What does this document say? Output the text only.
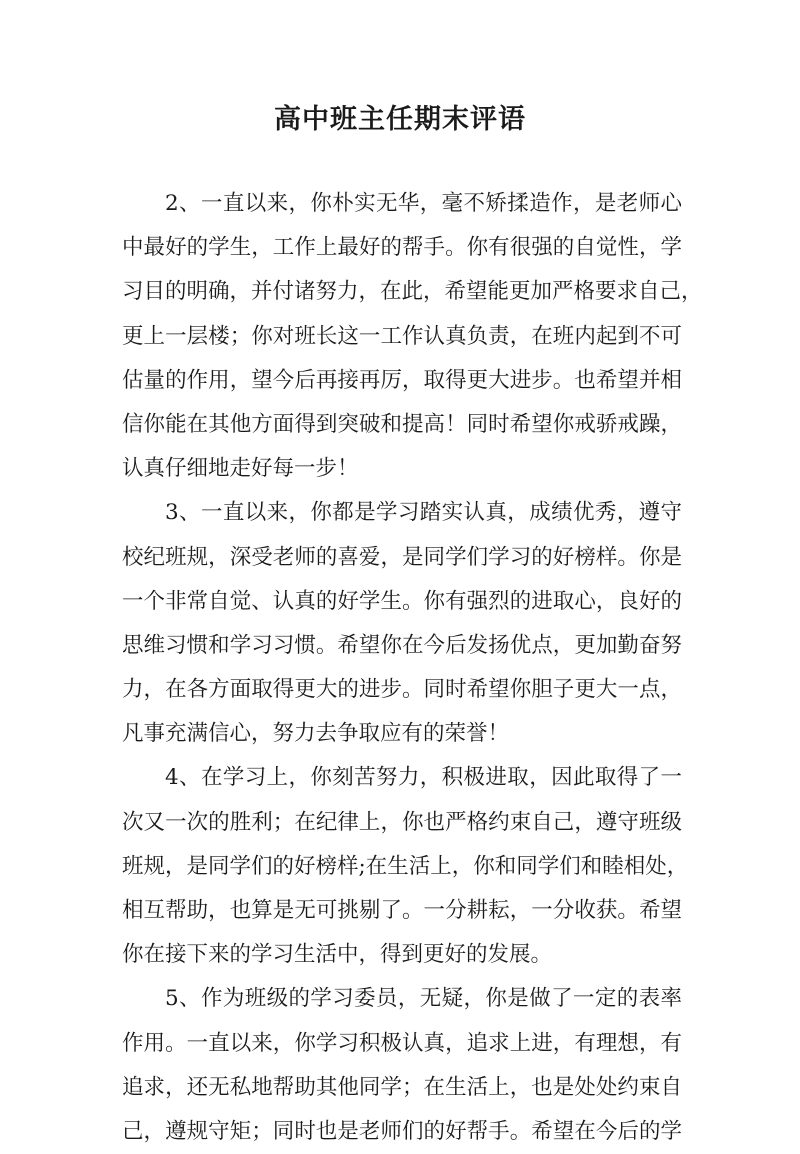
高中班主任期末评语
2、一直以来，你朴实无华，毫不矫揉造作，是老师心
中最好的学生，工作上最好的帮手。你有很强的自觉性，学
习目的明确，并付诸努力，在此，希望能更加严格要求自己，
更上一层楼；你对班长这一工作认真负责，在班内起到不可
估量的作用，望今后再接再厉，取得更大进步。也希望并相
信你能在其他方面得到突破和提高！同时希望你戒骄戒躁，
认真仔细地走好每一步！
3、一直以来，你都是学习踏实认真，成绩优秀，遵守
校纪班规，深受老师的喜爱，是同学们学习的好榜样。你是
一个非常自觉、认真的好学生。你有强烈的进取心，良好的
思维习惯和学习习惯。希望你在今后发扬优点，更加勤奋努
力，在各方面取得更大的进步。同时希望你胆子更大一点，
凡事充满信心，努力去争取应有的荣誉！
4、在学习上，你刻苦努力，积极进取，因此取得了一
次又一次的胜利；在纪律上，你也严格约束自己，遵守班级
班规，是同学们的好榜样;在生活上，你和同学们和睦相处，
相互帮助，也算是无可挑剔了。一分耕耘，一分收获。希望
你在接下来的学习生活中，得到更好的发展。
5、作为班级的学习委员，无疑，你是做了一定的表率
作用。一直以来，你学习积极认真，追求上进，有理想，有
追求，还无私地帮助其他同学；在生活上，也是处处约束自
己，遵规守矩；同时也是老师们的好帮手。希望在今后的学
